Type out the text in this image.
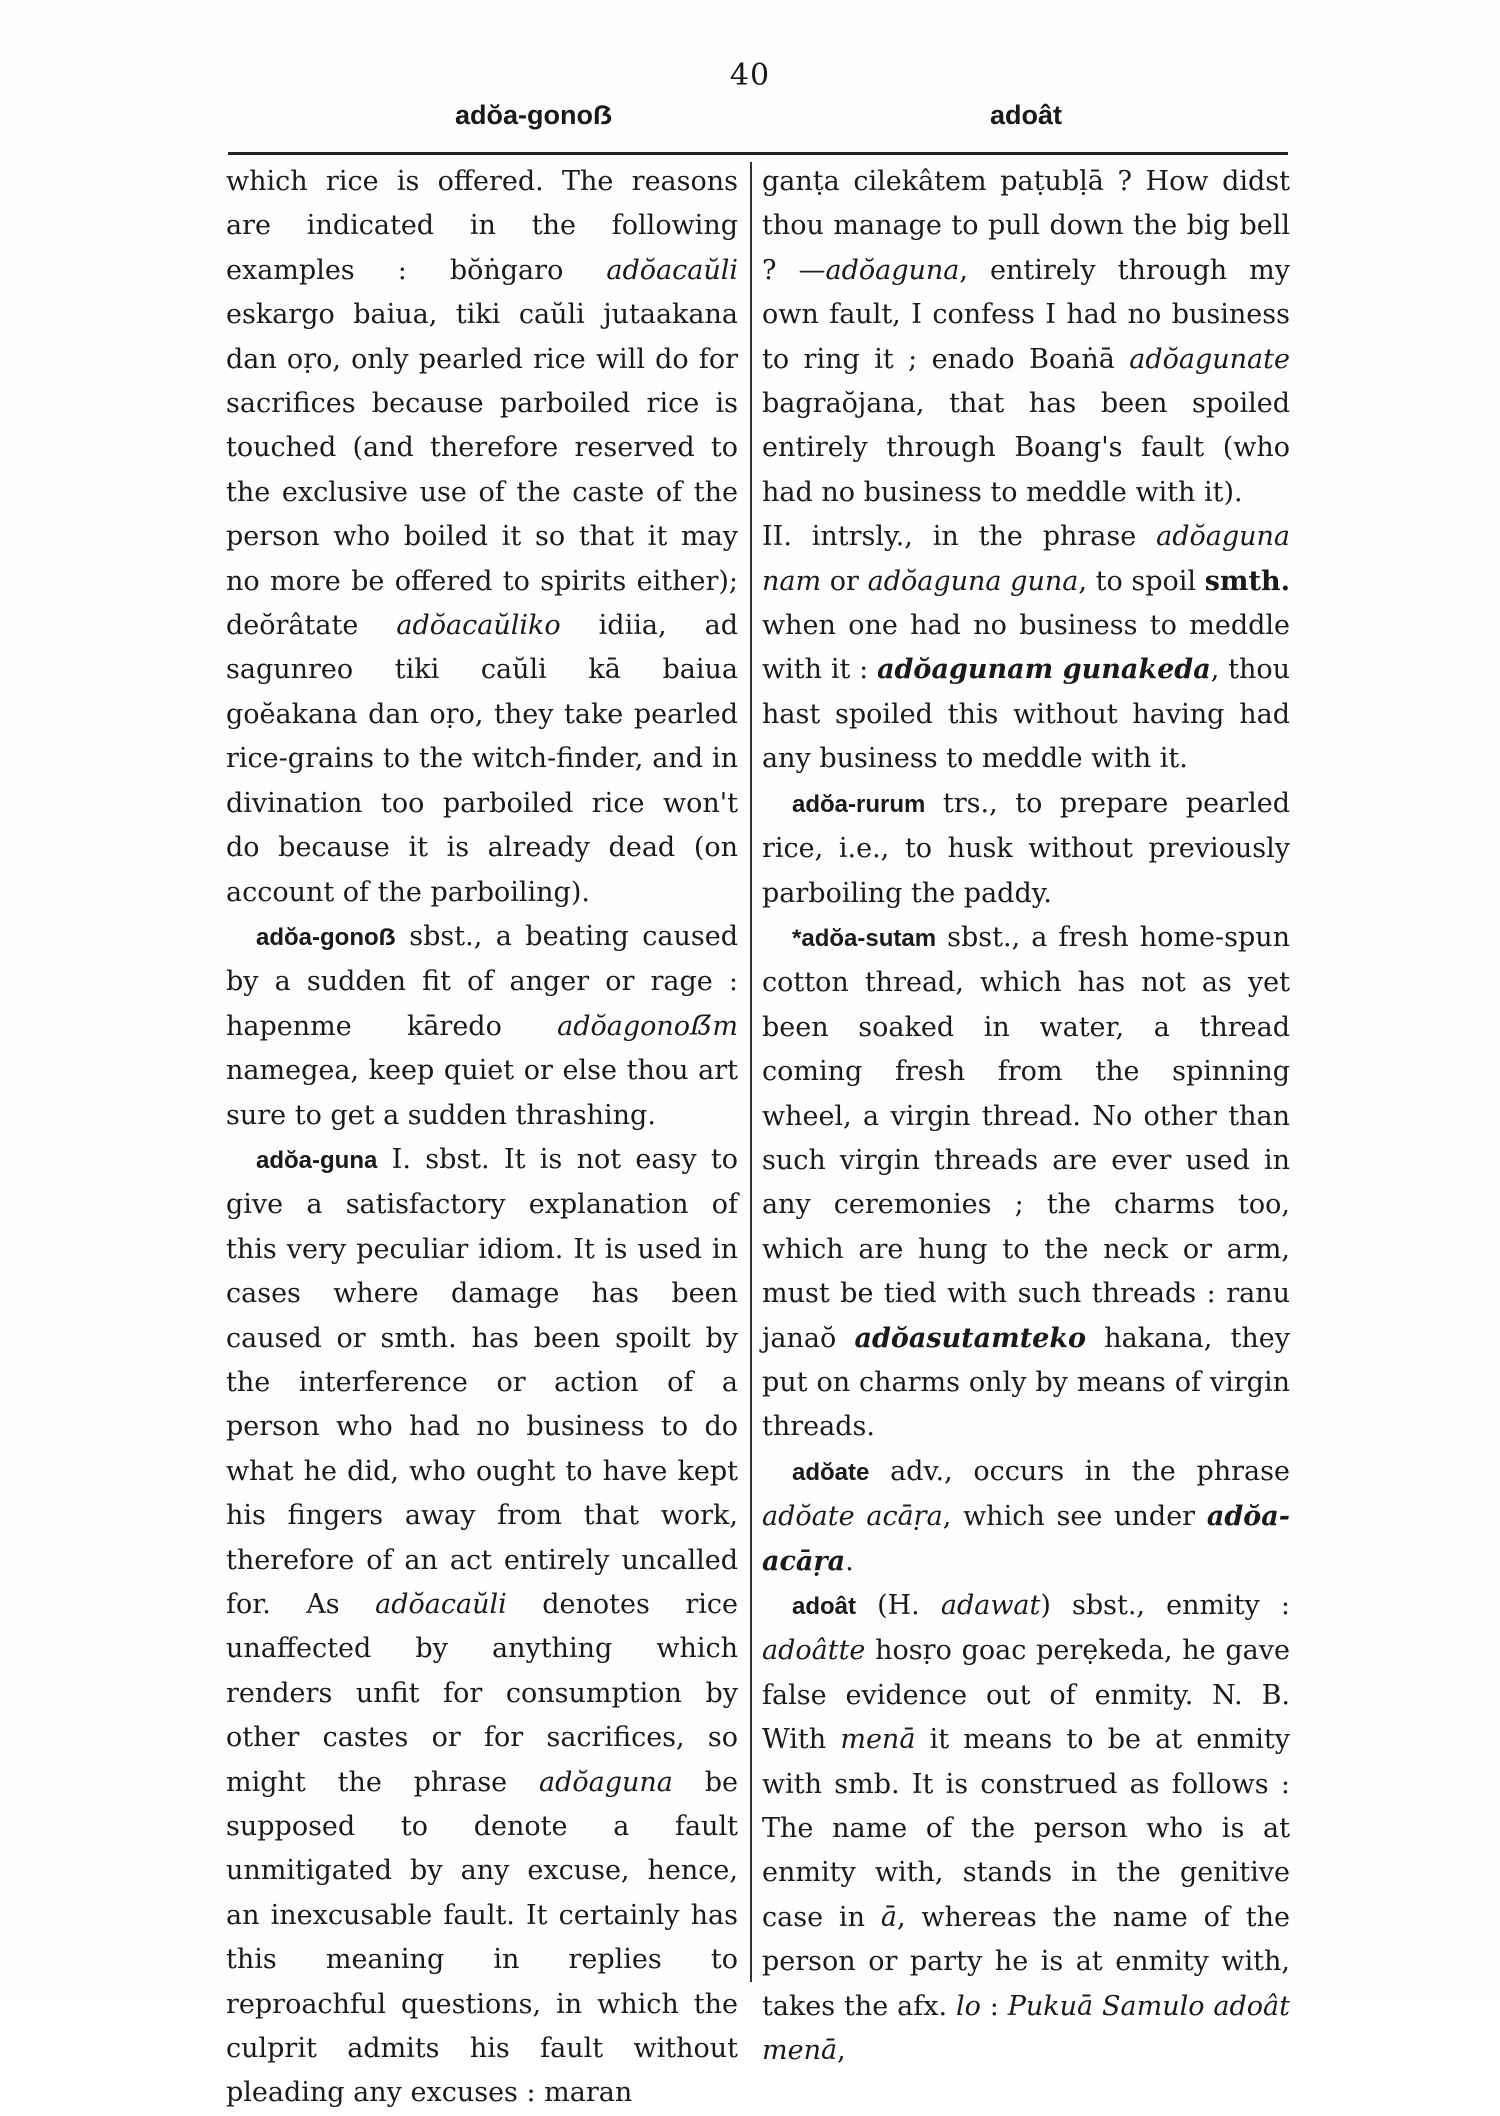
40
adŏa-gonoẞ	adoât

which rice is offered. The reasons are indicated in the following examples : bŏṅgaro adŏacaŭli eskargo baiua, tiki caŭli jutaakana dan oṛo, only pearled rice will do for sacrifices because parboiled rice is touched (and therefore reserved to the exclusive use of the caste of the person who boiled it so that it may no more be offered to spirits either); deŏrâtate adŏacaŭliko idiia, ad sagunreo tiki caŭli kā baiua goĕakana dan oṛo, they take pearled rice-grains to the witch-finder, and in divination too parboiled rice won't do because it is already dead (on account of the parboiling).

adŏa-gonoẞ sbst., a beating caused by a sudden fit of anger or rage : hapenme kāredo adŏagonoẞm namegea, keep quiet or else thou art sure to get a sudden thrashing.

adŏa-guna I. sbst. It is not easy to give a satisfactory explanation of this very peculiar idiom. It is used in cases where damage has been caused or smth. has been spoilt by the interference or action of a person who had no business to do what he did, who ought to have kept his fingers away from that work, therefore of an act entirely uncalled for. As adŏacaŭli denotes rice unaffected by anything which renders unfit for consumption by other castes or for sacrifices, so might the phrase adŏaguna be supposed to denote a fault unmitigated by any excuse, hence, an inexcusable fault. It certainly has this meaning in replies to reproachful questions, in which the culprit admits his fault without pleading any excuses : maran

ganṭa cilekâtem paṭubḷā ? How didst thou manage to pull down the big bell ? —adŏaguna, entirely through my own fault, I confess I had no business to ring it ; enado Boaṅā adŏagunate bagraŏjana, that has been spoiled entirely through Boang's fault (who had no business to meddle with it).

II. intrsly., in the phrase adŏaguna nam or adŏaguna guna, to spoil smth. when one had no business to meddle with it : adŏagunam gunakeda, thou hast spoiled this without having had any business to meddle with it.

adŏa-rurum trs., to prepare pearled rice, i.e., to husk without previously parboiling the paddy.

*adŏa-sutam sbst., a fresh home-spun cotton thread, which has not as yet been soaked in water, a thread coming fresh from the spinning wheel, a virgin thread. No other than such virgin threads are ever used in any ceremonies ; the charms too, which are hung to the neck or arm, must be tied with such threads : ranu janaŏ adŏasutamteko hakana, they put on charms only by means of virgin threads.

adŏate adv., occurs in the phrase adŏate acāṛa, which see under adŏa-acāṛa.

adoât (H. adawat) sbst., enmity : adoâtte hosṛo goac perẹkeda, he gave false evidence out of enmity. N. B. With menā it means to be at enmity with smb. It is construed as follows : The name of the person who is at enmity with, stands in the genitive case in ā, whereas the name of the person or party he is at enmity with, takes the afx. lo : Pukuā Samulo adoât menā,
